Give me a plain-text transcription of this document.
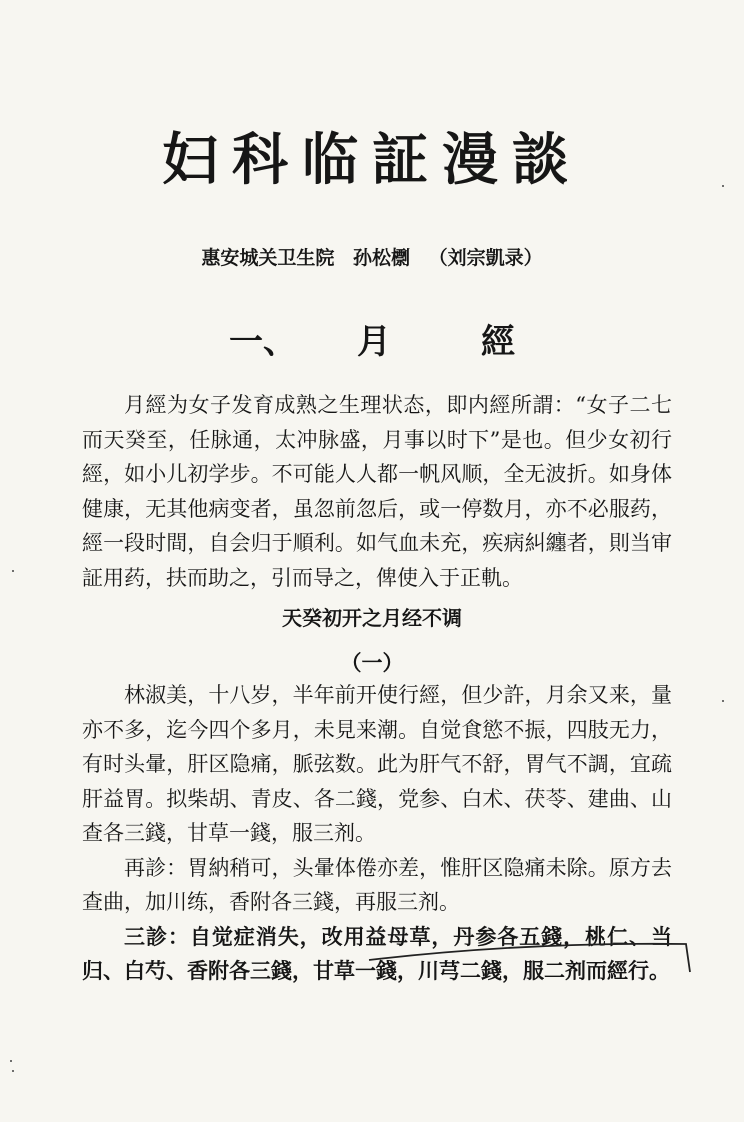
妇科临証漫談
惠安城关卫生院 孙松檦 （刘宗凱录）
一、 月	經

月經为女子发育成熟之生理状态，即内經所謂：“女子二七而天癸至，任脉通，太冲脉盛，月事以时下”是也。但少女初行經，如小儿初学步。不可能人人都一帆风顺，全无波折。如身体健康，无其他病变者，虽忽前忽后，或一停数月，亦不必服药，經一段时間，自会归于順利。如气血未充，疾病糾纏者，則当审証用药，扶而助之，引而导之，俾使入于正軌。

天癸初开之月经不调
（一）

林淑美，十八岁，半年前开使行經，但少許，月余又来，量亦不多，迄今四个多月，未見来潮。自觉食慾不振，四肢无力，有时头暈，肝区隐痛，脈弦数。此为肝气不舒，胃气不調，宜疏肝益胃。拟柴胡、青皮、各二錢，党参、白术、茯苓、建曲、山查各三錢，甘草一錢，服三剂。

再診：胃納稍可，头暈体倦亦差，惟肝区隐痛未除。原方去查曲，加川练，香附各三錢，再服三剂。

三診：自觉症消失，改用益母草，丹参各五錢，桃仁、当归、白芍、香附各三錢，甘草一錢，川芎二錢，服二剂而經行。
